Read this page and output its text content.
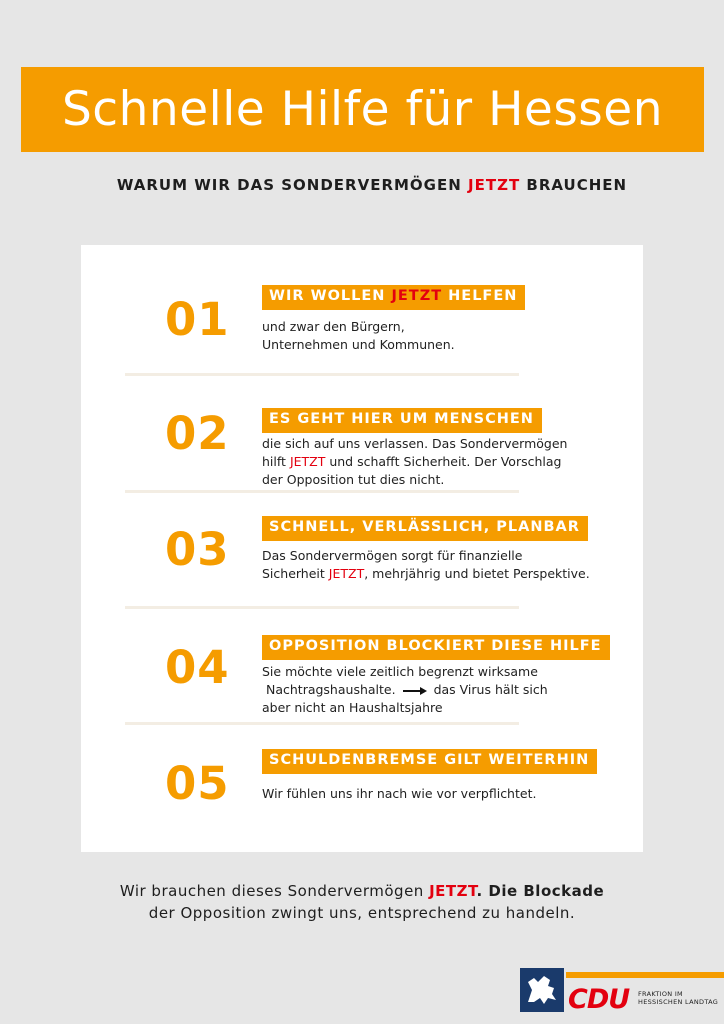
Schnelle Hilfe für Hessen
WARUM WIR DAS SONDERVERMÖGEN JETZT BRAUCHEN
01	WIR WOLLEN JETZT HELFEN
und zwar den Bürgern,
Unternehmen und Kommunen.
02	ES GEHT HIER UM MENSCHEN
die sich auf uns verlassen. Das Sondervermögen
hilft JETZT und schafft Sicherheit. Der Vorschlag
der Opposition tut dies nicht.
03	SCHNELL, VERLÄSSLICH, PLANBAR
Das Sondervermögen sorgt für finanzielle
Sicherheit JETZT, mehrjährig und bietet Perspektive.
04	OPPOSITION BLOCKIERT DIESE HILFE
Sie möchte viele zeitlich begrenzt wirksame
Nachtragshaushalte.	das Virus hält sich
aber nicht an Haushaltsjahre
05	SCHULDENBREMSE GILT WEITERHIN
Wir fühlen uns ihr nach wie vor verpflichtet.
Wir brauchen dieses Sondervermögen JETZT. Die Blockade
der Opposition zwingt uns, entsprechend zu handeln.
CDU FRAKTION IM
HESSISCHEN LANDTAG
